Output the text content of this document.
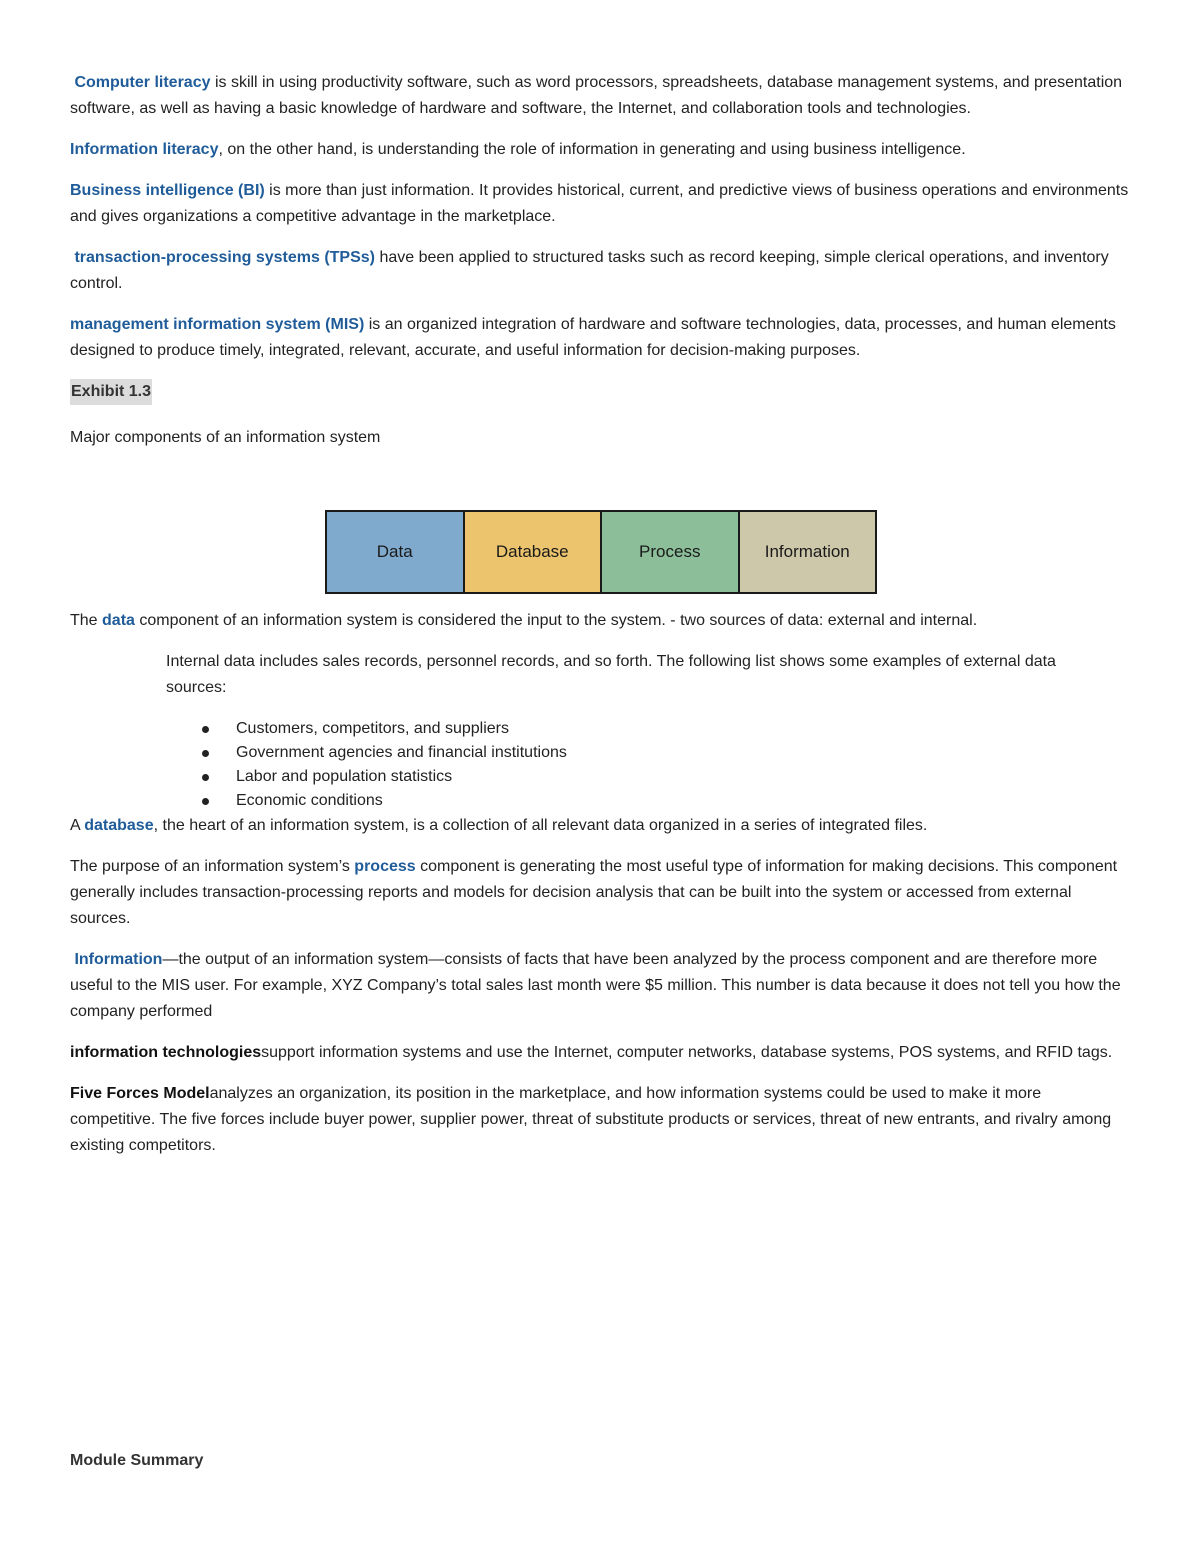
Computer literacy is skill in using productivity software, such as word processors, spreadsheets, database management systems, and presentation software, as well as having a basic knowledge of hardware and software, the Internet, and collaboration tools and technologies.

Information literacy, on the other hand, is understanding the role of information in generating and using business intelligence.

Business intelligence (BI) is more than just information. It provides historical, current, and predictive views of business operations and environments and gives organizations a competitive advantage in the marketplace.

transaction-processing systems (TPSs) have been applied to structured tasks such as record keeping, simple clerical operations, and inventory control.

management information system (MIS) is an organized integration of hardware and software technologies, data, processes, and human elements designed to produce timely, integrated, relevant, accurate, and useful information for decision-making purposes.

Exhibit 1.3
Major components of an information system
Data	Database	Process	Information

The data component of an information system is considered the input to the system. - two sources of data: external and internal.

Internal data includes sales records, personnel records, and so forth. The following list shows some examples of external data sources:
Customers, competitors, and suppliers
Government agencies and financial institutions
Labor and population statistics
Economic conditions

A database, the heart of an information system, is a collection of all relevant data organized in a series of integrated files.

The purpose of an information system’s process component is generating the most useful type of information for making decisions. This component generally includes transaction-processing reports and models for decision analysis that can be built into the system or accessed from external sources.

Information—the output of an information system—consists of facts that have been analyzed by the process component and are therefore more useful to the MIS user. For example, XYZ Company’s total sales last month were $5 million. This number is data because it does not tell you how the company performed

information technologiessupport information systems and use the Internet, computer networks, database systems, POS systems, and RFID tags.

Five Forces Modelanalyzes an organization, its position in the marketplace, and how information systems could be used to make it more competitive. The five forces include buyer power, supplier power, threat of substitute products or services, threat of new entrants, and rivalry among existing competitors.

Module Summary
